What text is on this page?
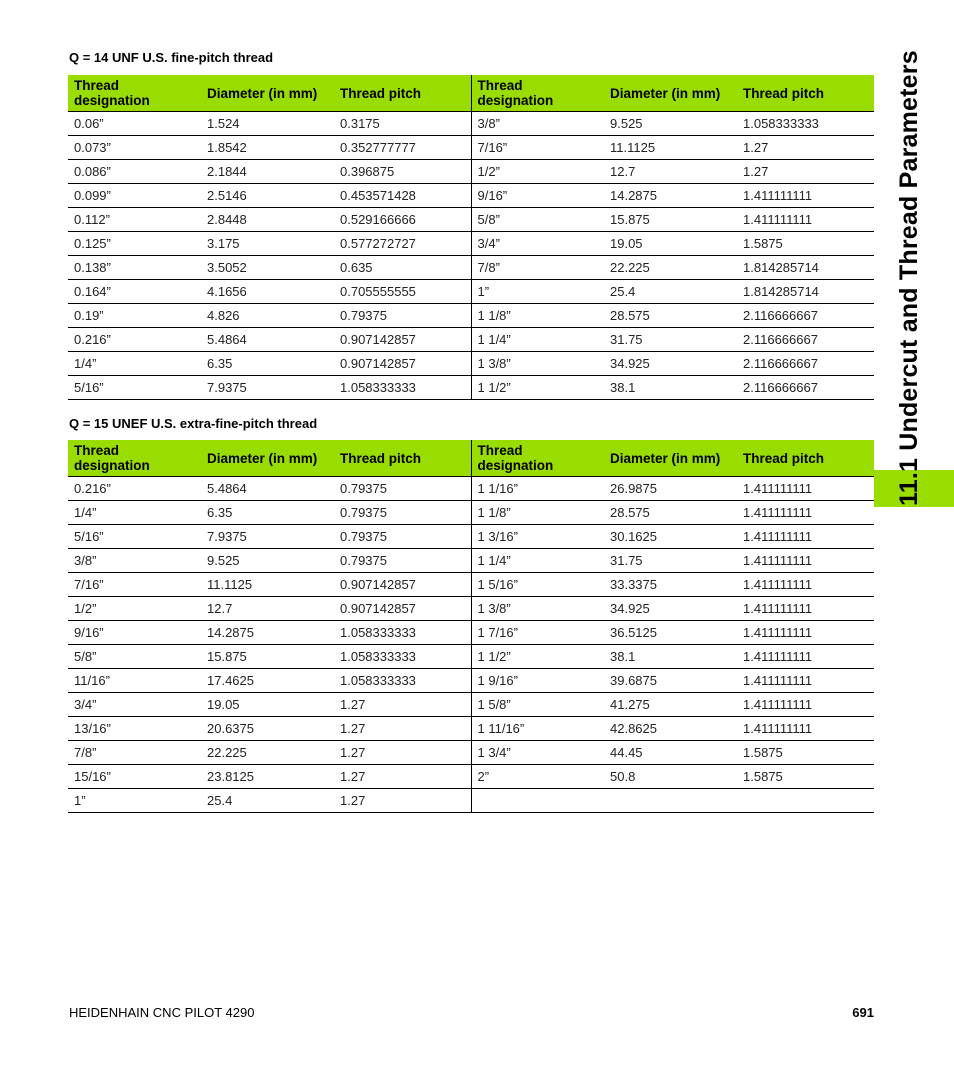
Q = 14 UNF U.S. fine-pitch thread
Thread designation	Diameter (in mm)	Thread pitch	Thread designation	Diameter (in mm)	Thread pitch
0.06”	1.524	0.3175	3/8”	9.525	1.058333333
0.073”	1.8542	0.352777777	7/16”	11.1125	1.27
0.086”	2.1844	0.396875	1/2”	12.7	1.27
0.099”	2.5146	0.453571428	9/16”	14.2875	1.411111111
0.112”	2.8448	0.529166666	5/8”	15.875	1.411111111
0.125”	3.175	0.577272727	3/4”	19.05	1.5875
0.138”	3.5052	0.635	7/8”	22.225	1.814285714
0.164”	4.1656	0.705555555	1”	25.4	1.814285714
0.19”	4.826	0.79375	1 1/8”	28.575	2.116666667
0.216”	5.4864	0.907142857	1 1/4”	31.75	2.116666667
1/4”	6.35	0.907142857	1 3/8”	34.925	2.116666667
5/16”	7.9375	1.058333333	1 1/2”	38.1	2.116666667
Q = 15 UNEF U.S. extra-fine-pitch thread
Thread designation	Diameter (in mm)	Thread pitch	Thread designation	Diameter (in mm)	Thread pitch
0.216”	5.4864	0.79375	1 1/16”	26.9875	1.411111111
1/4”	6.35	0.79375	1 1/8”	28.575	1.411111111
5/16”	7.9375	0.79375	1 3/16”	30.1625	1.411111111
3/8”	9.525	0.79375	1 1/4”	31.75	1.411111111
7/16”	11.1125	0.907142857	1 5/16”	33.3375	1.411111111
1/2”	12.7	0.907142857	1 3/8”	34.925	1.411111111
9/16”	14.2875	1.058333333	1 7/16”	36.5125	1.411111111
5/8”	15.875	1.058333333	1 1/2”	38.1	1.411111111
11/16”	17.4625	1.058333333	1 9/16”	39.6875	1.411111111
3/4”	19.05	1.27	1 5/8”	41.275	1.411111111
13/16”	20.6375	1.27	1 11/16”	42.8625	1.411111111
7/8”	22.225	1.27	1 3/4”	44.45	1.5875
15/16”	23.8125	1.27	2”	50.8	1.5875
1”	25.4	1.27			
11.1 Undercut and Thread Parameters
HEIDENHAIN CNC PILOT 4290	691
